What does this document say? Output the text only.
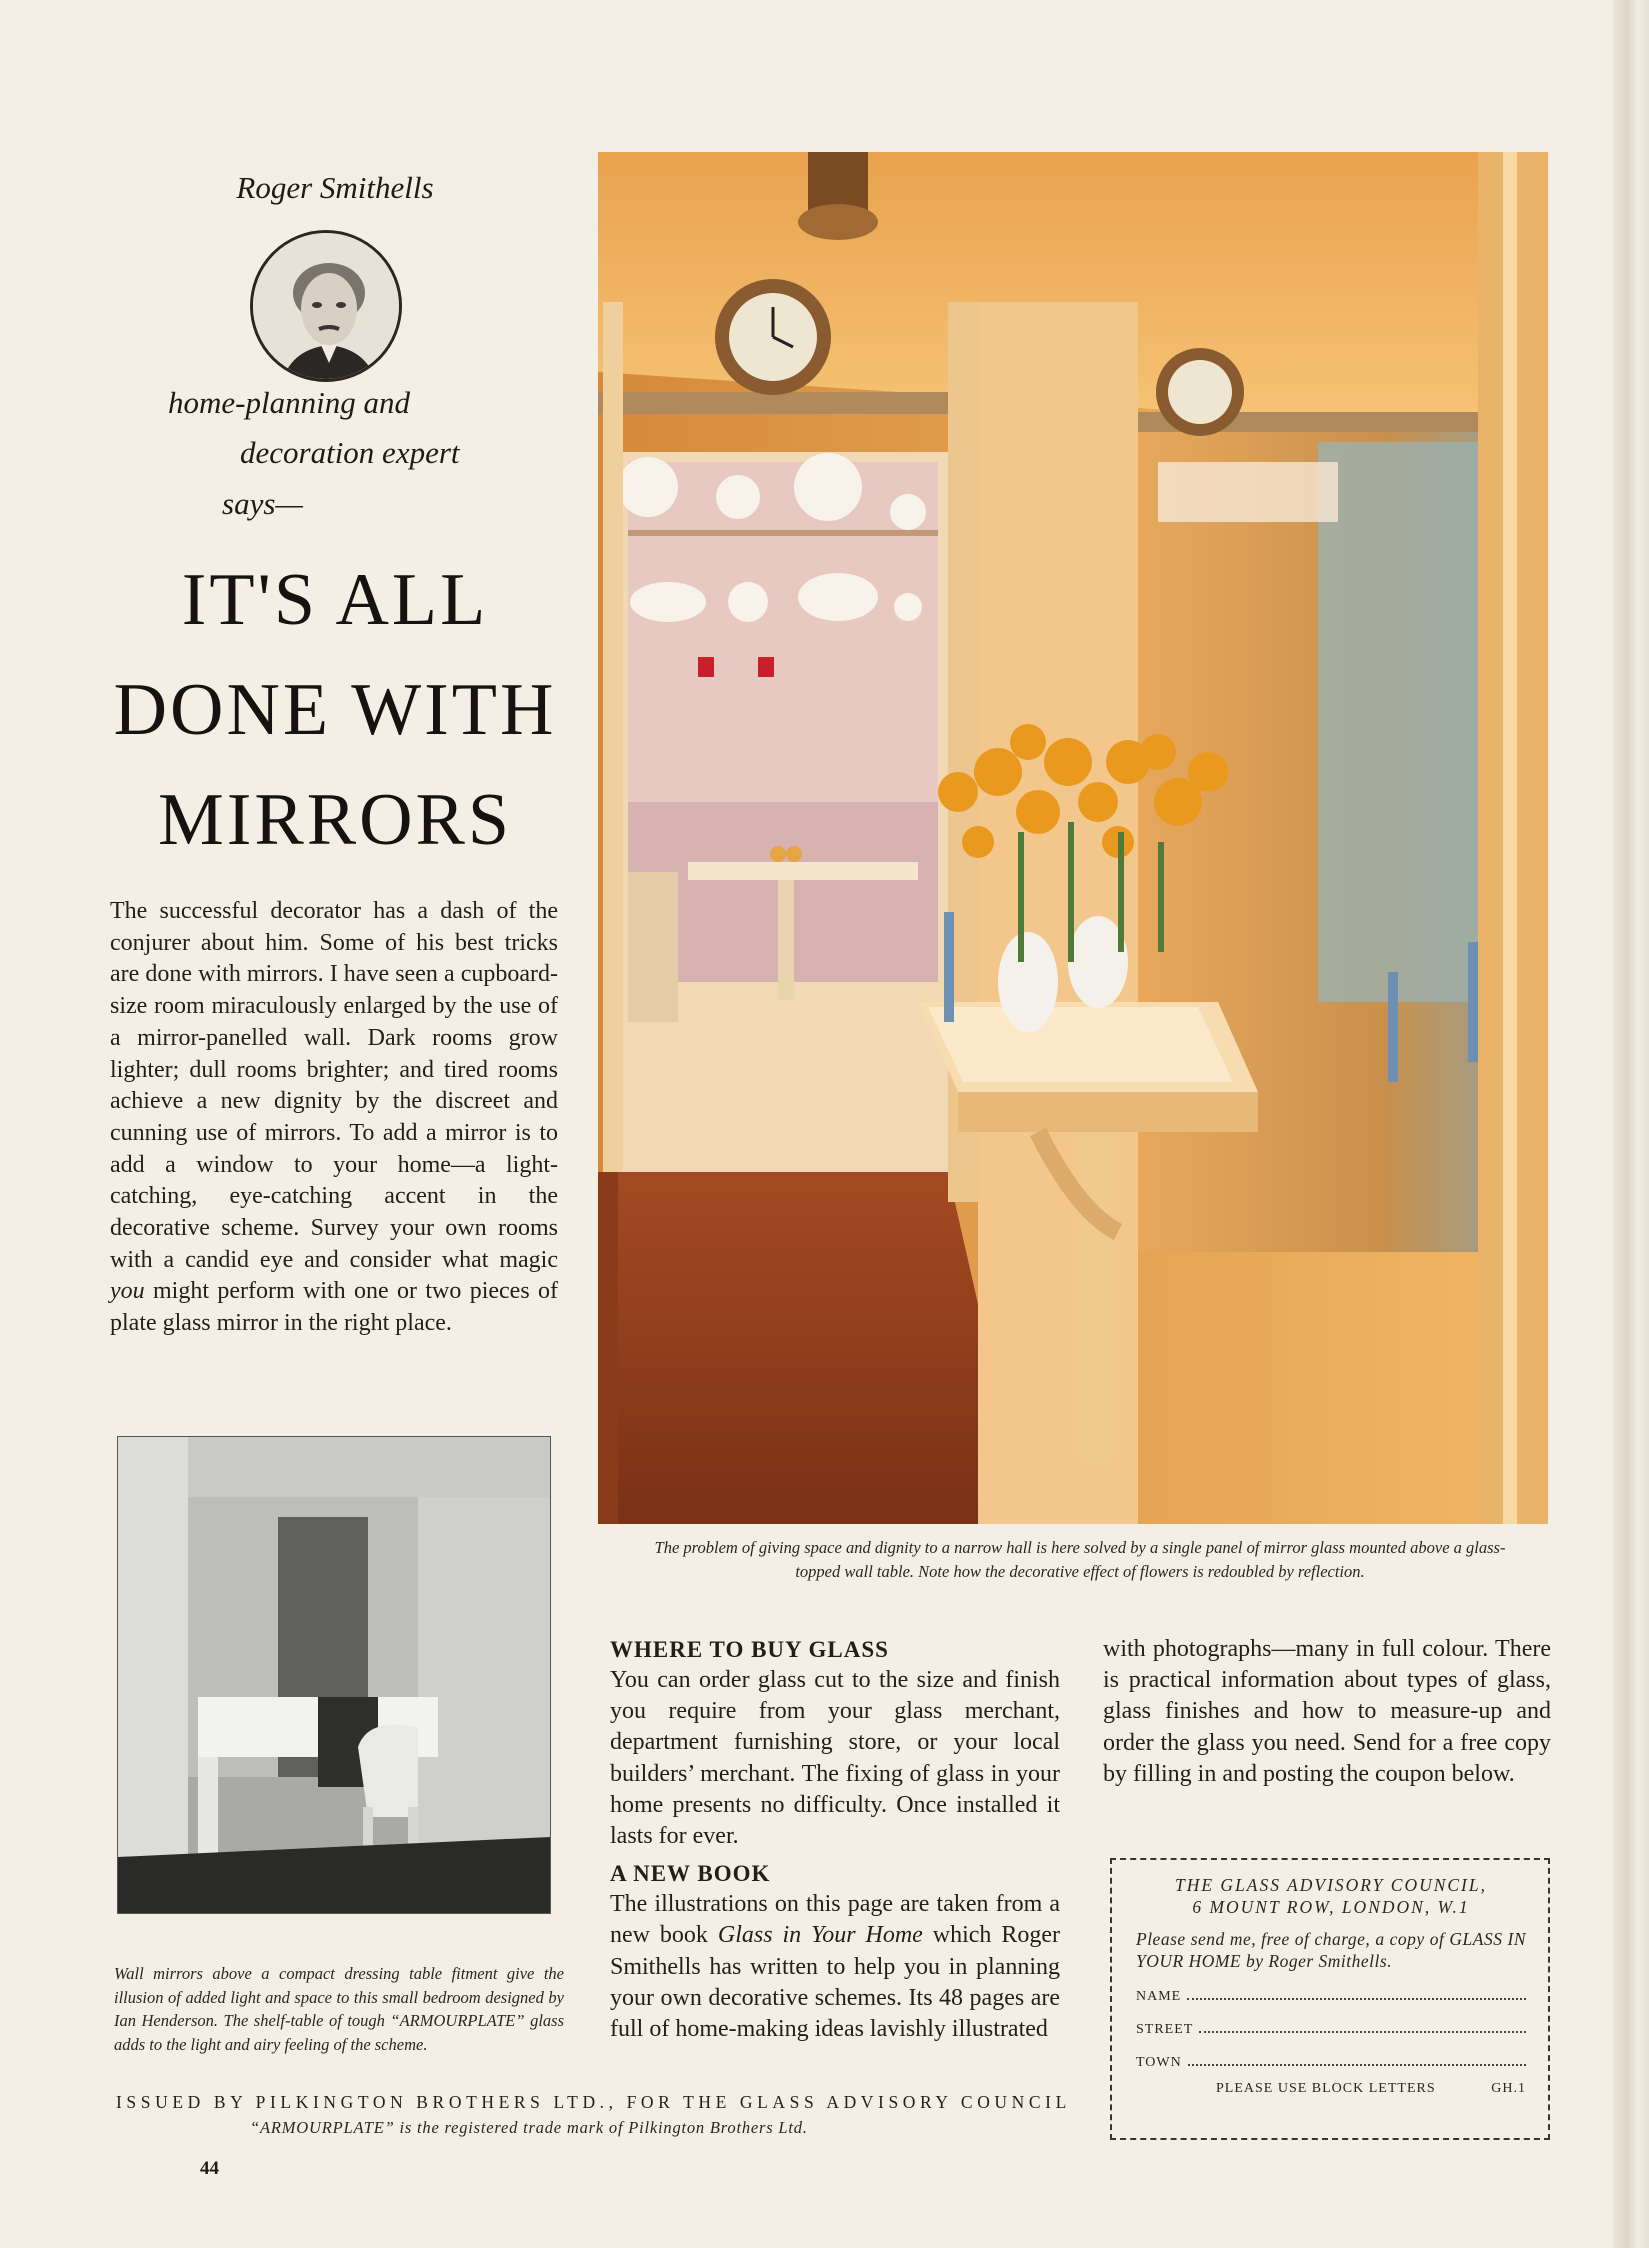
Roger Smithells
home-planning and
decoration expert
says—
IT'S ALL
DONE WITH
MIRRORS
The successful decorator has a dash of the conjurer about him. Some of his best tricks are done with mirrors. I have seen a cupboard-size room miraculously enlarged by the use of a mirror-panelled wall. Dark rooms grow lighter; dull rooms brighter; and tired rooms achieve a new dignity by the discreet and cunning use of mirrors. To add a mirror is to add a window to your home—a light-catching, eye-catching accent in the decorative scheme. Survey your own rooms with a candid eye and consider what magic you might perform with one or two pieces of plate glass mirror in the right place.
The problem of giving space and dignity to a narrow hall is here solved by a single panel of mirror glass mounted above a glass-topped wall table. Note how the decorative effect of flowers is redoubled by reflection.
Wall mirrors above a compact dressing table fitment give the illusion of added light and space to this small bedroom designed by Ian Henderson. The shelf-table of tough “ARMOURPLATE” glass adds to the light and airy feeling of the scheme.
WHERE TO BUY GLASS
You can order glass cut to the size and finish you require from your glass merchant, department furnishing store, or your local builders’ merchant. The fixing of glass in your home presents no difficulty. Once installed it lasts for ever.
A NEW BOOK
The illustrations on this page are taken from a new book Glass in Your Home which Roger Smithells has written to help you in planning your own decorative schemes. Its 48 pages are full of home-making ideas lavishly illustrated
with photographs—many in full colour. There is practical information about types of glass, glass finishes and how to measure-up and order the glass you need. Send for a free copy by filling in and posting the coupon below.
THE GLASS ADVISORY COUNCIL,
6 MOUNT ROW, LONDON, W.1
Please send me, free of charge, a copy of GLASS IN YOUR HOME by Roger Smithells.
NAME
STREET
TOWN
PLEASE USE BLOCK LETTERS	GH.1
ISSUED BY PILKINGTON BROTHERS LTD., FOR THE GLASS ADVISORY COUNCIL
“ARMOURPLATE” is the registered trade mark of Pilkington Brothers Ltd.
44
